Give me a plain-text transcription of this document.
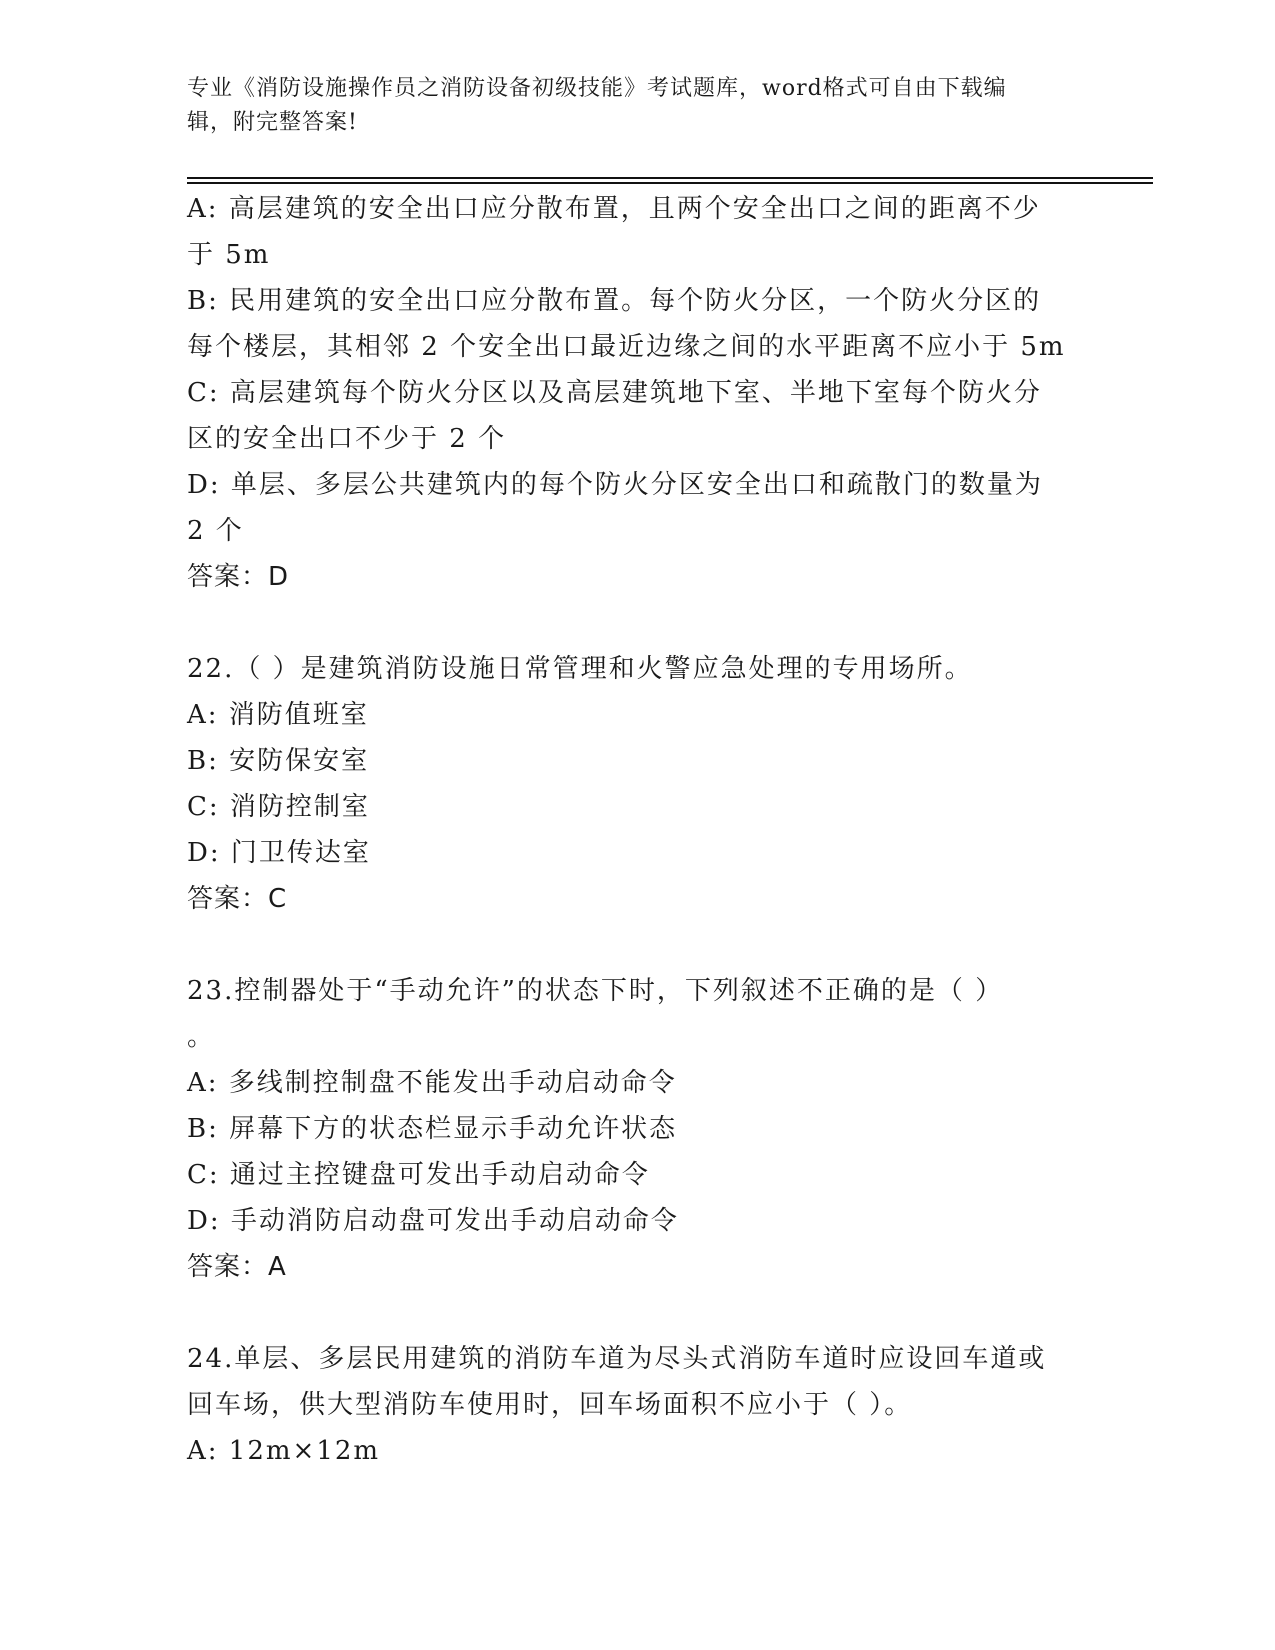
专业《消防设施操作员之消防设备初级技能》考试题库，word格式可自由下载编
辑，附完整答案!
A: 高层建筑的安全出口应分散布置，且两个安全出口之间的距离不少
于 5m
B: 民用建筑的安全出口应分散布置。每个防火分区，一个防火分区的
每个楼层，其相邻 2 个安全出口最近边缘之间的水平距离不应小于 5m
C: 高层建筑每个防火分区以及高层建筑地下室、半地下室每个防火分
区的安全出口不少于 2 个
D: 单层、多层公共建筑内的每个防火分区安全出口和疏散门的数量为
2 个
答案：D
22.（ ）是建筑消防设施日常管理和火警应急处理的专用场所。
A: 消防值班室
B: 安防保安室
C: 消防控制室
D: 门卫传达室
答案：C
23.控制器处于“手动允许”的状态下时，下列叙述不正确的是（ ）
。
A: 多线制控制盘不能发出手动启动命令
B: 屏幕下方的状态栏显示手动允许状态
C: 通过主控键盘可发出手动启动命令
D: 手动消防启动盘可发出手动启动命令
答案：A
24.单层、多层民用建筑的消防车道为尽头式消防车道时应设回车道或
回车场，供大型消防车使用时，回车场面积不应小于（ ）。
A: 12m×12m
